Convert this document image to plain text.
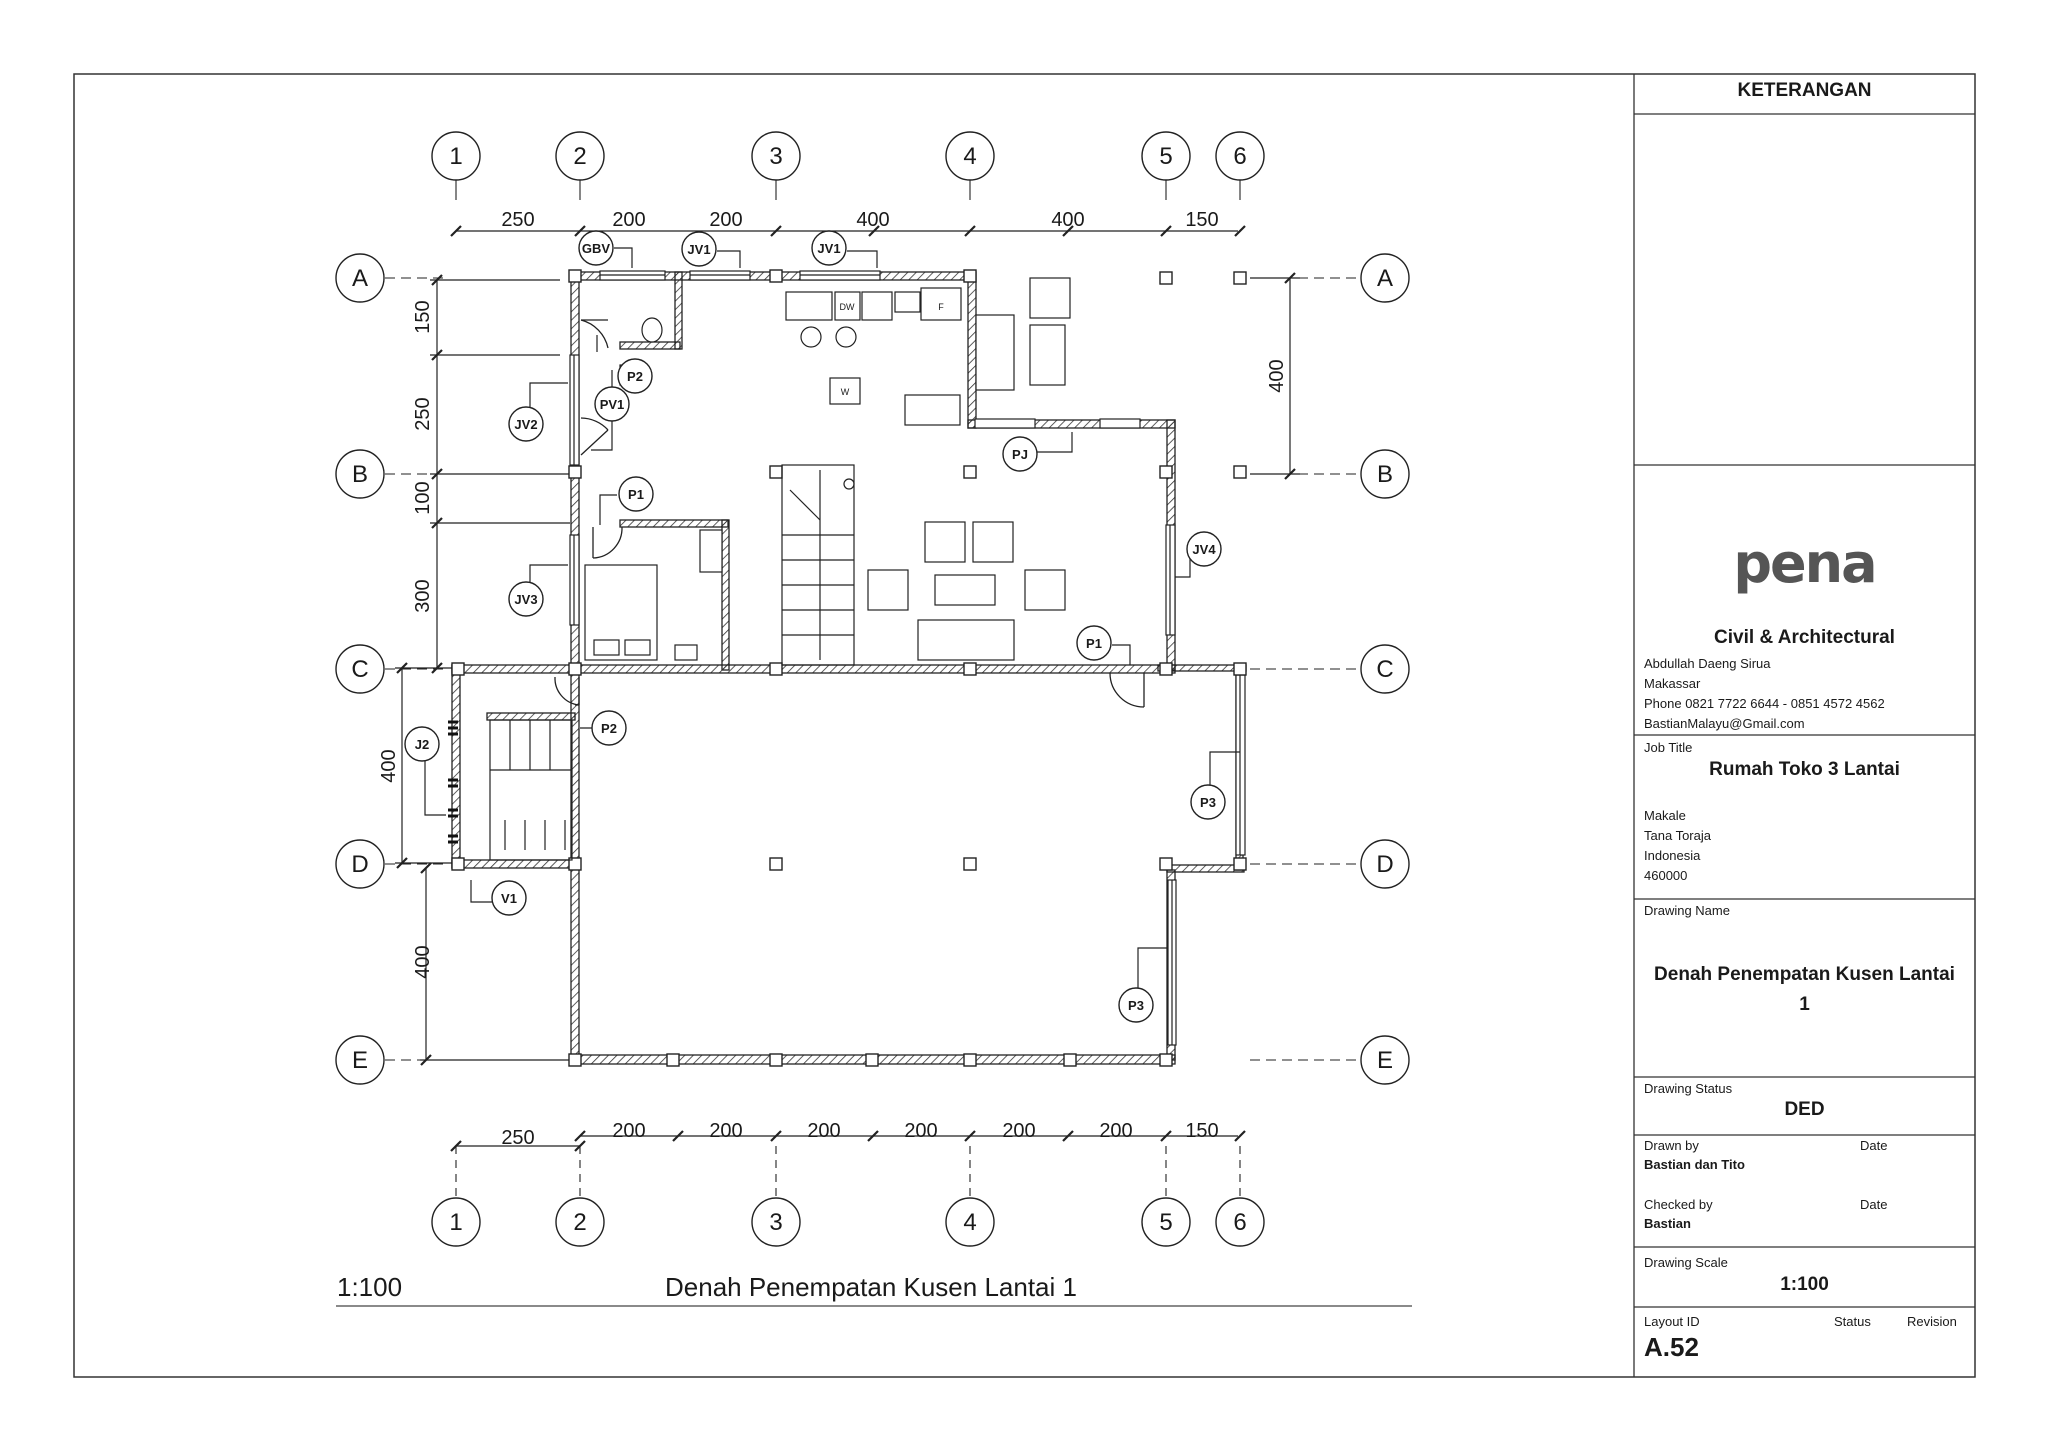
1
1
2
2
3
3
4
4
5
5
6
6
A	A
B	B
C	C
D	D
E	E
250	200	200	400	400	150
250	200	200	200	200	200	200	150
150
250
100
300
400
400
400
DW	F
W
GBV	JV1	JV1
JV2
JV3
JV4
P2
PV1
P1
PJ
P1
P2
J2
P3
V1
P3
1:100	Denah Penempatan Kusen Lantai 1
KETERANGAN
pena
Civil & Architectural
Abdullah Daeng Sirua
Makassar
Phone 0821 7722 6644 - 0851 4572 4562
BastianMalayu@Gmail.com
Job Title
Rumah Toko 3 Lantai
Makale
Tana Toraja
Indonesia
460000
Drawing Name
Denah Penempatan Kusen Lantai 1
Drawing Status
DED
Drawn by	Date
Bastian dan Tito
Checked by	Date
Bastian
Drawing Scale
1:100
Layout ID	Status	Revision
A.52
